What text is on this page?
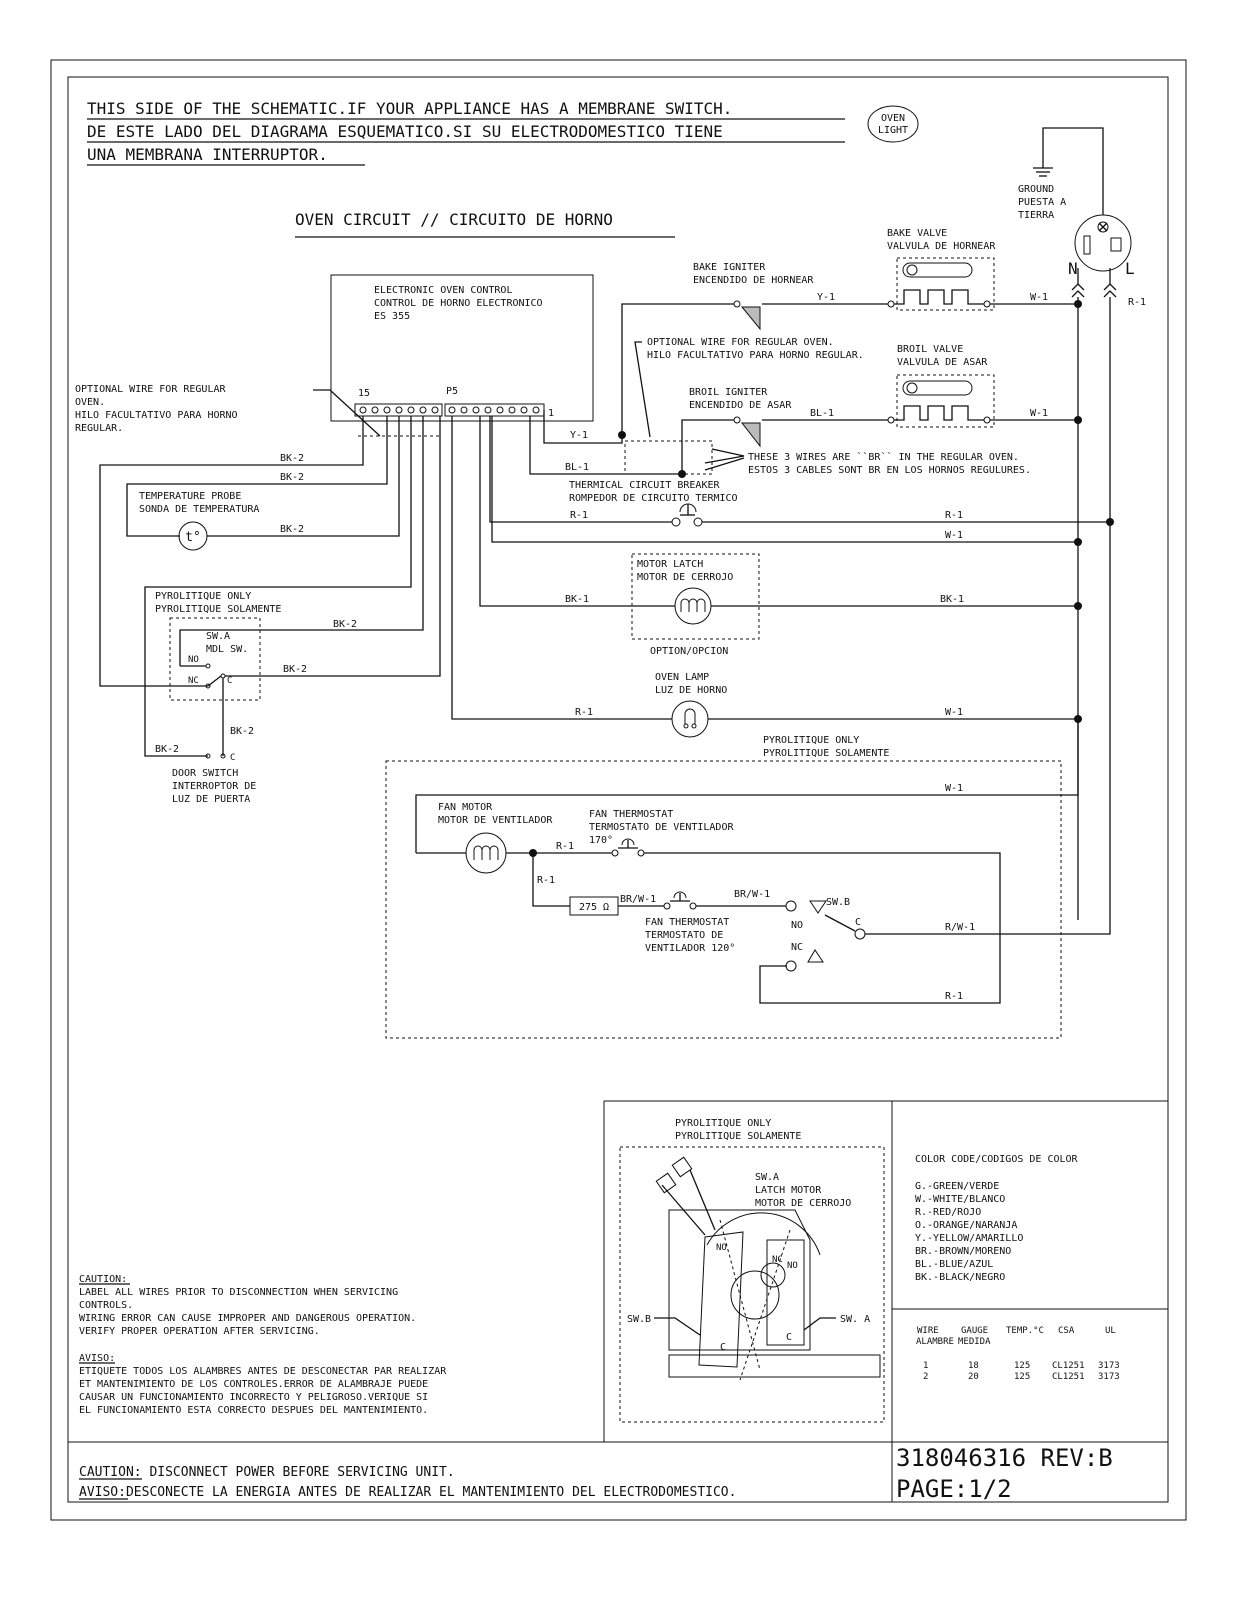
THIS SIDE OF THE SCHEMATIC.IF YOUR APPLIANCE HAS A MEMBRANE SWITCH.
DE ESTE LADO DEL DIAGRAMA ESQUEMATICO.SI SU ELECTRODOMESTICO TIENE
UNA MEMBRANA INTERRUPTOR.
OVEN
LIGHT
OVEN CIRCUIT // CIRCUITO DE HORNO
GROUND
PUESTA A
TIERRA
N	L
R-1
ELECTRONIC OVEN CONTROL
CONTROL DE HORNO ELECTRONICO
ES 355
15	P5
1
OPTIONAL WIRE FOR REGULAR
OVEN.
HILO FACULTATIVO PARA HORNO
REGULAR.
BAKE IGNITER
ENCENDIDO DE HORNEAR
BAKE VALVE
VALVULA DE HORNEAR
Y-1	W-1
OPTIONAL WIRE FOR REGULAR OVEN.
HILO FACULTATIVO PARA HORNO REGULAR.
BROIL IGNITER
ENCENDIDO DE ASAR
BROIL VALVE
VALVULA DE ASAR
BL-1	W-1
Y-1
BL-1
THESE 3 WIRES ARE ``BR`` IN THE REGULAR OVEN.
ESTOS 3 CABLES SONT BR EN LOS HORNOS REGULURES.
THERMICAL CIRCUIT BREAKER
ROMPEDOR DE CIRCUITO TERMICO
R-1	R-1
W-1
MOTOR LATCH
MOTOR DE CERROJO
OPTION/OPCION
BK-1	BK-1
OVEN LAMP
LUZ DE HORNO
R-1	W-1
BK-2
BK-2
BK-2
TEMPERATURE PROBE
SONDA DE TEMPERATURA
t°
PYROLITIQUE ONLY
PYROLITIQUE SOLAMENTE
SW.A
MDL SW.
NO
NC	C
BK-2
BK-2
BK-2
BK-2
C
DOOR SWITCH
INTERROPTOR DE
LUZ DE PUERTA
PYROLITIQUE ONLY
PYROLITIQUE SOLAMENTE
W-1
FAN MOTOR
MOTOR DE VENTILADOR
R-1
FAN THERMOSTAT
TERMOSTATO DE VENTILADOR
170°
R-1
R-1
275 Ω
BR/W-1	BR/W-1
FAN THERMOSTAT
TERMOSTATO DE
VENTILADOR 120°
SW.B
NO	C
NC
R/W-1
PYROLITIQUE ONLY
PYROLITIQUE SOLAMENTE
SW.A
LATCH MOTOR
MOTOR DE CERROJO
NO
NC
NO
C
C
SW.B	SW. A
COLOR CODE/CODIGOS DE COLOR
G.-GREEN/VERDE
W.-WHITE/BLANCO
R.-RED/ROJO
O.-ORANGE/NARANJA
Y.-YELLOW/AMARILLO
BR.-BROWN/MORENO
BL.-BLUE/AZUL
BK.-BLACK/NEGRO
WIRE GAUGE TEMP.°C CSA	UL
ALAMBRE MEDIDA
1	18	125 CL1251 3173
2	20	125 CL1251 3173
CAUTION:
LABEL ALL WIRES PRIOR TO DISCONNECTION WHEN SERVICING
CONTROLS.
WIRING ERROR CAN CAUSE IMPROPER AND DANGEROUS OPERATION.
VERIFY PROPER OPERATION AFTER SERVICING.
AVISO:
ETIQUETE TODOS LOS ALAMBRES ANTES DE DESCONECTAR PAR REALIZAR
ET MANTENIMIENTO DE LOS CONTROLES.ERROR DE ALAMBRAJE PUEDE
CAUSAR UN FUNCIONAMIENTO INCORRECTO Y PELIGROSO.VERIQUE SI
EL FUNCIONAMIENTO ESTA CORRECTO DESPUES DEL MANTENIMIENTO.
CAUTION: DISCONNECT POWER BEFORE SERVICING UNIT.
AVISO:DESCONECTE LA ENERGIA ANTES DE REALIZAR EL MANTENIMIENTO DEL ELECTRODOMESTICO.
318046316 REV:B
PAGE:1/2
